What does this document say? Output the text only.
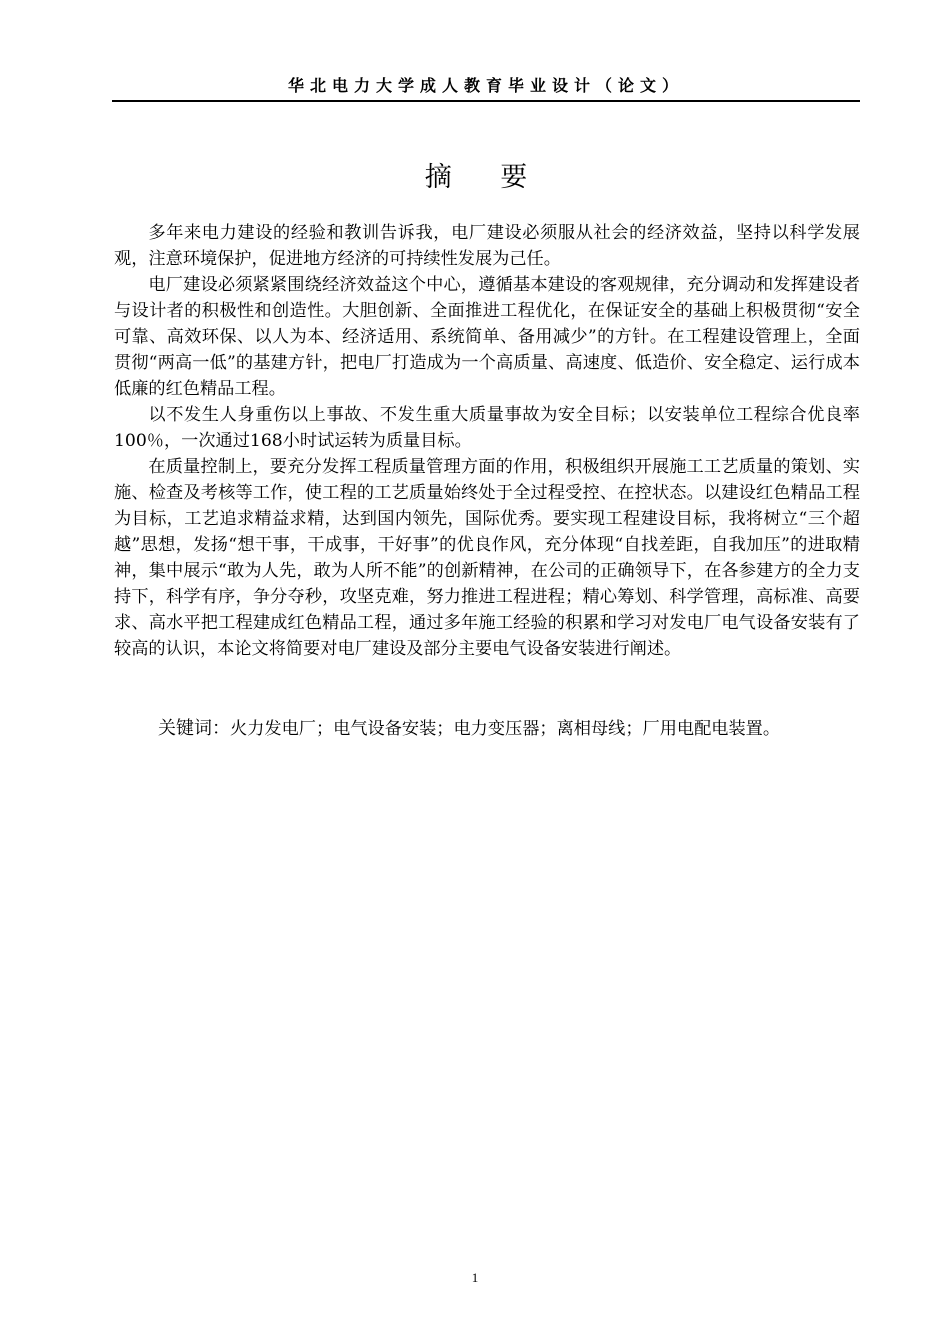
华北电力大学成人教育毕业设计（论文）
摘 要

多年来电力建设的经验和教训告诉我，电厂建设必须服从社会的经济效益，坚持以科学发展观，注意环境保护，促进地方经济的可持续性发展为己任。

电厂建设必须紧紧围绕经济效益这个中心，遵循基本建设的客观规律，充分调动和发挥建设者与设计者的积极性和创造性。大胆创新、全面推进工程优化，在保证安全的基础上积极贯彻“安全可靠、高效环保、以人为本、经济适用、系统简单、备用减少”的方针。在工程建设管理上，全面贯彻“两高一低”的基建方针，把电厂打造成为一个高质量、高速度、低造价、安全稳定、运行成本低廉的红色精品工程。

以不发生人身重伤以上事故、不发生重大质量事故为安全目标；以安装单位工程综合优良率100％，一次通过168小时试运转为质量目标。

在质量控制上，要充分发挥工程质量管理方面的作用，积极组织开展施工工艺质量的策划、实施、检查及考核等工作，使工程的工艺质量始终处于全过程受控、在控状态。以建设红色精品工程为目标，工艺追求精益求精，达到国内领先，国际优秀。要实现工程建设目标，我将树立“三个超越”思想，发扬“想干事，干成事，干好事”的优良作风，充分体现“自找差距，自我加压”的进取精神，集中展示“敢为人先，敢为人所不能”的创新精神，在公司的正确领导下，在各参建方的全力支持下，科学有序，争分夺秒，攻坚克难，努力推进工程进程；精心筹划、科学管理，高标准、高要求、高水平把工程建成红色精品工程，通过多年施工经验的积累和学习对发电厂电气设备安装有了较高的认识，本论文将简要对电厂建设及部分主要电气设备安装进行阐述。

关键词：火力发电厂；电气设备安装；电力变压器；离相母线；厂用电配电装置。
1
